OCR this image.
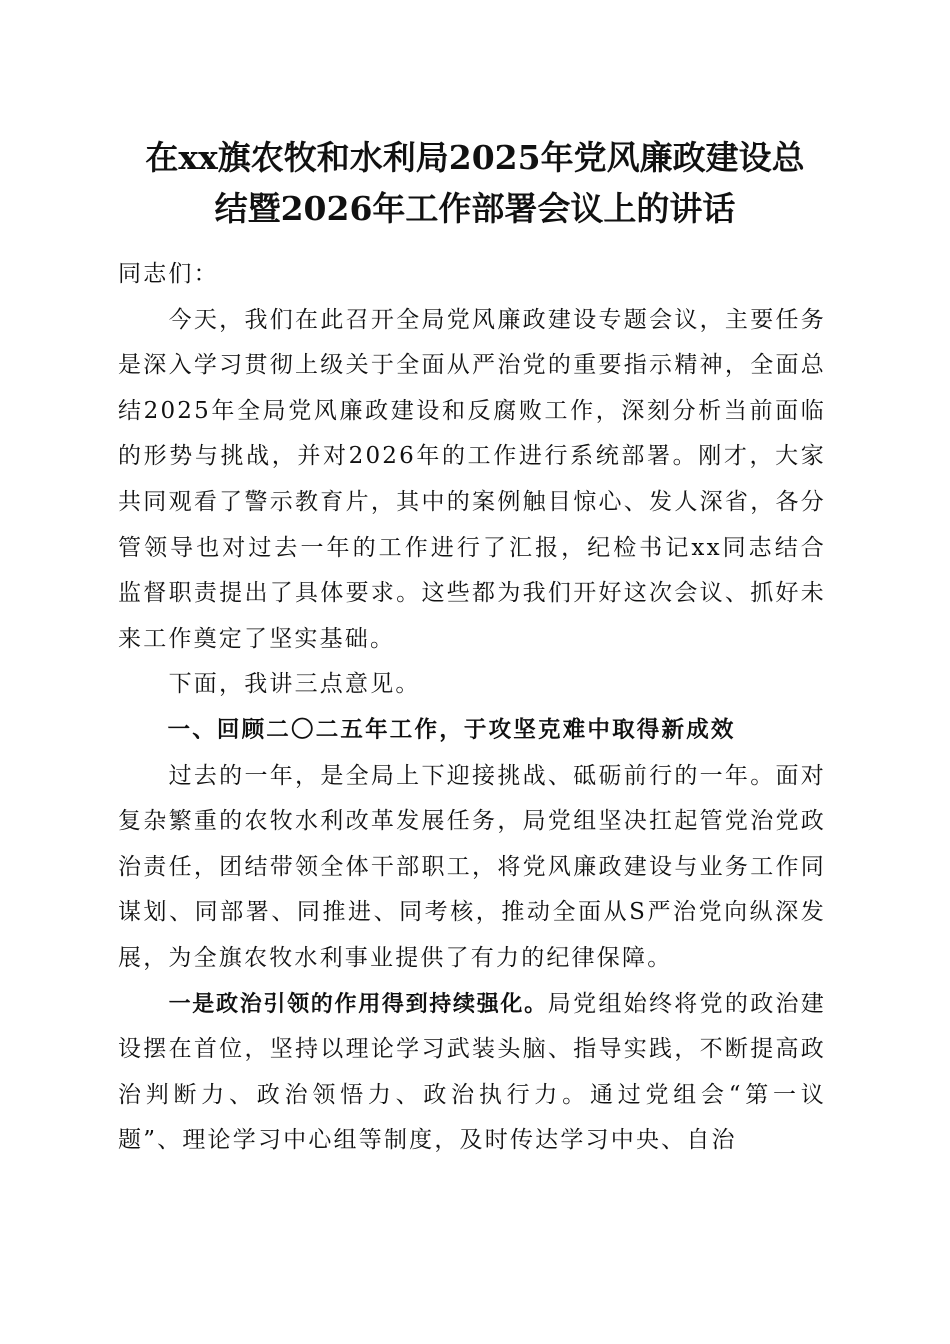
在xx旗农牧和水利局2025年党风廉政建设总
结暨2026年工作部署会议上的讲话

同志们：

今天，我们在此召开全局党风廉政建设专题会议，主要任务是深入学习贯彻上级关于全面从严治党的重要指示精神，全面总结2025年全局党风廉政建设和反腐败工作，深刻分析当前面临的形势与挑战，并对2026年的工作进行系统部署。刚才，大家共同观看了警示教育片，其中的案例触目惊心、发人深省，各分管领导也对过去一年的工作进行了汇报，纪检书记xx同志结合监督职责提出了具体要求。这些都为我们开好这次会议、抓好未来工作奠定了坚实基础。

下面，我讲三点意见。

一、回顾二〇二五年工作，于攻坚克难中取得新成效

过去的一年，是全局上下迎接挑战、砥砺前行的一年。面对复杂繁重的农牧水利改革发展任务，局党组坚决扛起管党治党政治责任，团结带领全体干部职工，将党风廉政建设与业务工作同谋划、同部署、同推进、同考核，推动全面从S严治党向纵深发展，为全旗农牧水利事业提供了有力的纪律保障。

一是政治引领的作用得到持续强化。局党组始终将党的政治建设摆在首位，坚持以理论学习武装头脑、指导实践，不断提高政治判断力、政治领悟力、政治执行力。通过党组会“第一议题”、理论学习中心组等制度，及时传达学习中央、自治
